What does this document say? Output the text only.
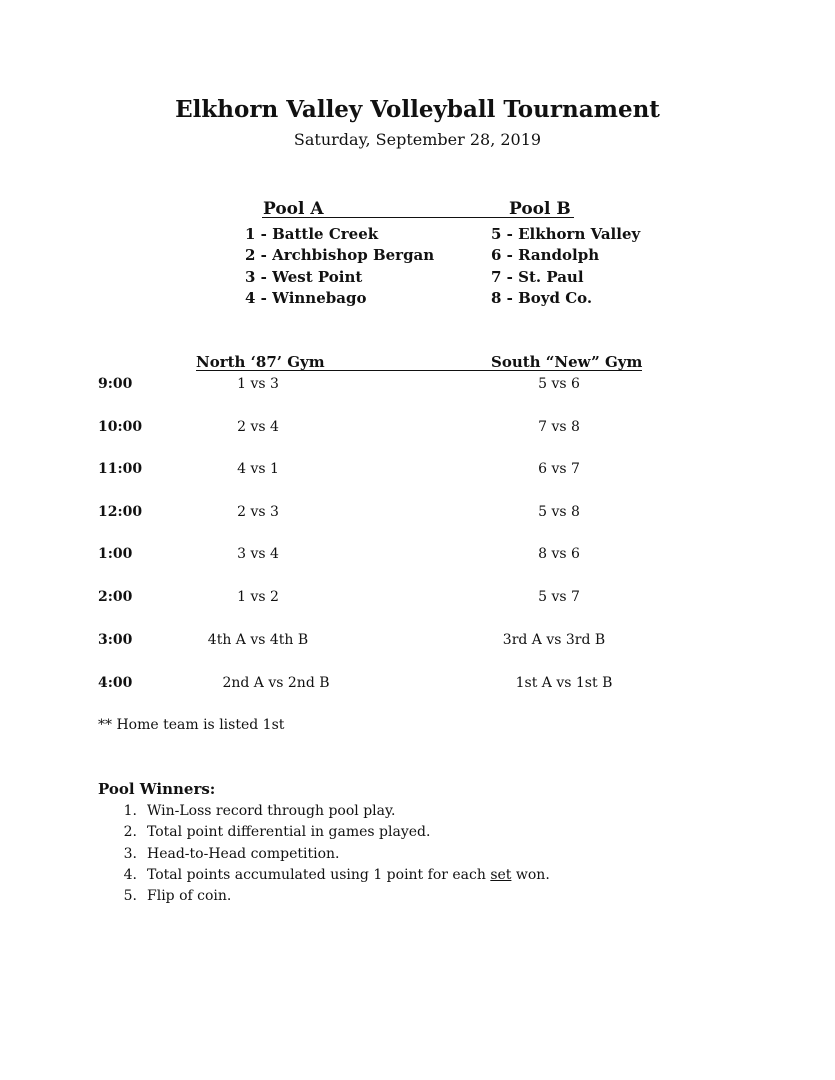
Elkhorn Valley Volleyball Tournament
Saturday, September 28, 2019
Pool A	Pool B
1 - Battle Creek
2 - Archbishop Bergan
3 - West Point
4 - Winnebago
5 - Elkhorn Valley
6 - Randolph
7 - St. Paul
8 - Boyd Co.
North ‘87’ Gym	South “New” Gym
9:00	1 vs 3	5 vs 6
10:00	2 vs 4	7 vs 8
11:00	4 vs 1	6 vs 7
12:00	2 vs 3	5 vs 8
1:00	3 vs 4	8 vs 6
2:00	1 vs 2	5 vs 7
3:00	4th A vs 4th B	3rd A vs 3rd B
4:00	2nd A vs 2nd B	1st A vs 1st B
** Home team is listed 1st
Pool Winners:
1. Win-Loss record through pool play.
2. Total point differential in games played.
3. Head-to-Head competition.
4. Total points accumulated using 1 point for each set won.
5. Flip of coin.
